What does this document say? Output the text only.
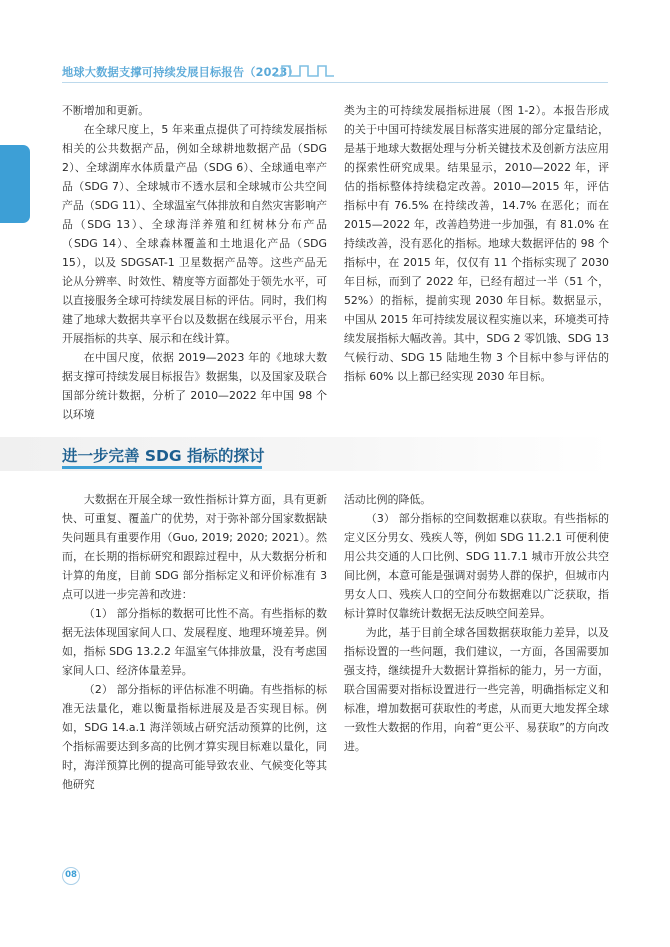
地球大数据支撑可持续发展目标报告（2023）

不断增加和更新。

在全球尺度上，5 年来重点提供了可持续发展指标相关的公共数据产品，例如全球耕地数据产品（SDG 2）、全球湖库水体质量产品（SDG 6）、全球通电率产品（SDG 7）、全球城市不透水层和全球城市公共空间产品（SDG 11）、全球温室气体排放和自然灾害影响产品（SDG 13）、全球海洋养殖和红树林分布产品（SDG 14）、全球森林覆盖和土地退化产品（SDG 15），以及 SDGSAT-1 卫星数据产品等。这些产品无论从分辨率、时效性、精度等方面都处于领先水平，可以直接服务全球可持续发展目标的评估。同时，我们构建了地球大数据共享平台以及数据在线展示平台，用来开展指标的共享、展示和在线计算。

在中国尺度，依据 2019—2023 年的《地球大数据支撑可持续发展目标报告》数据集，以及国家及联合国部分统计数据，分析了 2010—2022 年中国 98 个以环境

类为主的可持续发展指标进展（图 1-2）。本报告形成的关于中国可持续发展目标落实进展的部分定量结论，是基于地球大数据处理与分析关键技术及创新方法应用的探索性研究成果。结果显示，2010—2022 年，评估的指标整体持续稳定改善。2010—2015 年，评估指标中有 76.5% 在持续改善，14.7% 在恶化；而在 2015—2022 年，改善趋势进一步加强，有 81.0% 在持续改善，没有恶化的指标。地球大数据评估的 98 个指标中，在 2015 年，仅仅有 11 个指标实现了 2030 年目标，而到了 2022 年，已经有超过一半（51 个，52%）的指标，提前实现 2030 年目标。数据显示，中国从 2015 年可持续发展议程实施以来，环境类可持续发展指标大幅改善。其中，SDG 2 零饥饿、SDG 13 气候行动、SDG 15 陆地生物 3 个目标中参与评估的指标 60% 以上都已经实现 2030 年目标。

进一步完善 SDG 指标的探讨

大数据在开展全球一致性指标计算方面，具有更新快、可重复、覆盖广的优势，对于弥补部分国家数据缺失问题具有重要作用（Guo, 2019; 2020; 2021）。然而，在长期的指标研究和跟踪过程中，从大数据分析和计算的角度，目前 SDG 部分指标定义和评价标准有 3 点可以进一步完善和改进：

（1） 部分指标的数据可比性不高。有些指标的数据无法体现国家间人口、发展程度、地理环境差异。例如，指标 SDG 13.2.2 年温室气体排放量，没有考虑国家间人口、经济体量差异。

（2） 部分指标的评估标准不明确。有些指标的标准无法量化，难以衡量指标进展及是否实现目标。例如，SDG 14.a.1 海洋领域占研究活动预算的比例，这个指标需要达到多高的比例才算实现目标难以量化，同时，海洋预算比例的提高可能导致农业、气候变化等其他研究

活动比例的降低。

（3） 部分指标的空间数据难以获取。有些指标的定义区分男女、残疾人等，例如 SDG 11.2.1 可便利使用公共交通的人口比例、SDG 11.7.1 城市开放公共空间比例，本意可能是强调对弱势人群的保护，但城市内男女人口、残疾人口的空间分布数据难以广泛获取，指标计算时仅靠统计数据无法反映空间差异。

为此，基于目前全球各国数据获取能力差异，以及指标设置的一些问题，我们建议，一方面，各国需要加强支持，继续提升大数据计算指标的能力，另一方面，联合国需要对指标设置进行一些完善，明确指标定义和标准，增加数据可获取性的考虑，从而更大地发挥全球一致性大数据的作用，向着“更公平、易获取”的方向改进。

08
